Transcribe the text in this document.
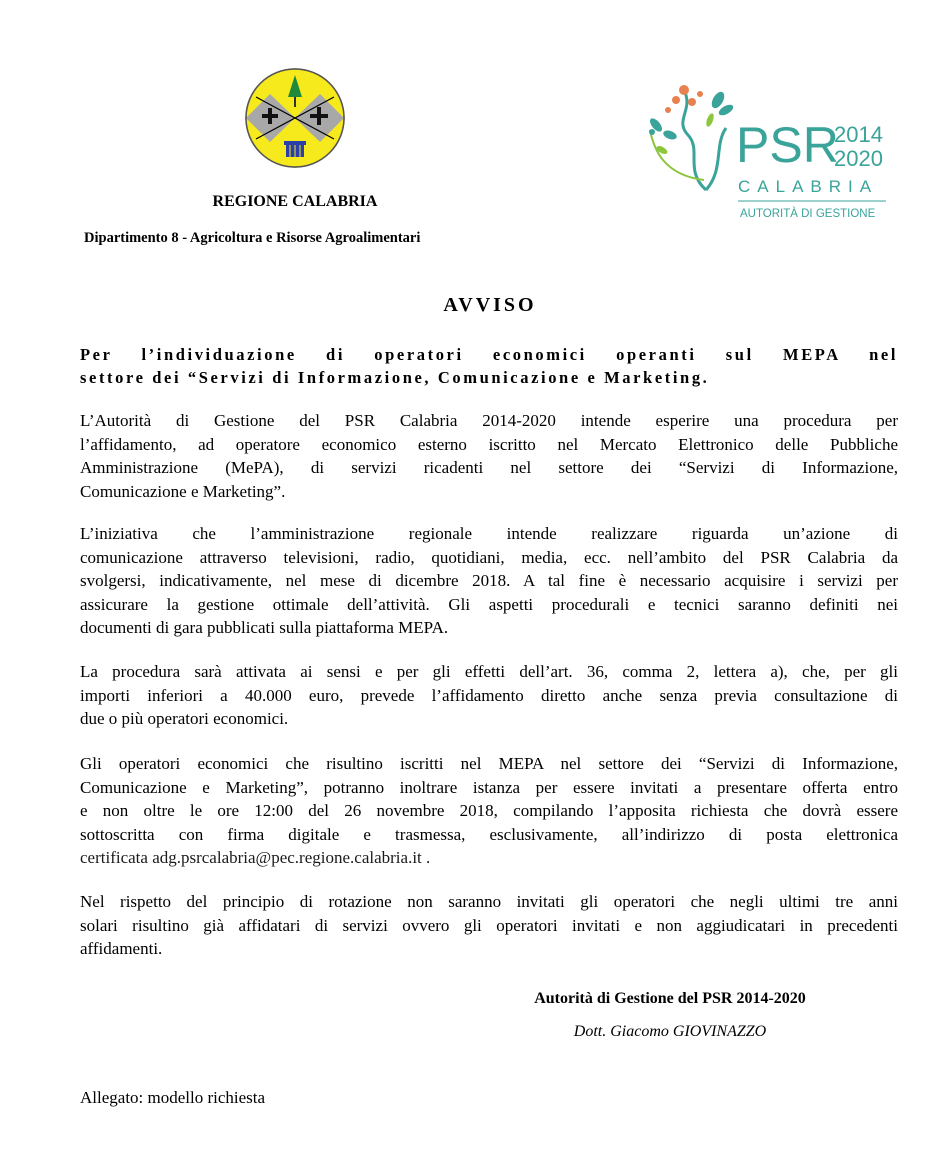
PSR
2014
2020
CALABRIA
AUTORITÀ DI GESTIONE
REGIONE CALABRIA
Dipartimento 8 - Agricoltura e Risorse Agroalimentari
AVVISO
Per l’individuazione di operatori economici operanti sul MEPA nel
settore dei “Servizi di Informazione, Comunicazione e Marketing.
L’Autorità di Gestione del PSR Calabria 2014-2020 intende esperire una procedura per
l’affidamento, ad operatore economico esterno iscritto nel Mercato Elettronico delle Pubbliche
Amministrazione (MePA), di servizi ricadenti nel settore dei “Servizi di Informazione,
Comunicazione e Marketing”.
L’iniziativa che l’amministrazione regionale intende realizzare riguarda un’azione di
comunicazione attraverso televisioni, radio, quotidiani, media, ecc. nell’ambito del PSR Calabria da
svolgersi, indicativamente, nel mese di dicembre 2018. A tal fine è necessario acquisire i servizi per
assicurare la gestione ottimale dell’attività. Gli aspetti procedurali e tecnici saranno definiti nei
documenti di gara pubblicati sulla piattaforma MEPA.
La procedura sarà attivata ai sensi e per gli effetti dell’art. 36, comma 2, lettera a), che, per gli
importi inferiori a 40.000 euro, prevede l’affidamento diretto anche senza previa consultazione di
due o più operatori economici.
Gli operatori economici che risultino iscritti nel MEPA nel settore dei “Servizi di Informazione,
Comunicazione e Marketing”, potranno inoltrare istanza per essere invitati a presentare offerta entro
e non oltre le ore 12:00 del 26 novembre 2018, compilando l’apposita richiesta che dovrà essere
sottoscritta con firma digitale e trasmessa, esclusivamente, all’indirizzo di posta elettronica
certificata adg.psrcalabria@pec.regione.calabria.it .
Nel rispetto del principio di rotazione non saranno invitati gli operatori che negli ultimi tre anni
solari risultino già affidatari di servizi ovvero gli operatori invitati e non aggiudicatari in precedenti
affidamenti.
Autorità di Gestione del PSR 2014-2020
Dott. Giacomo GIOVINAZZO
Allegato: modello richiesta
